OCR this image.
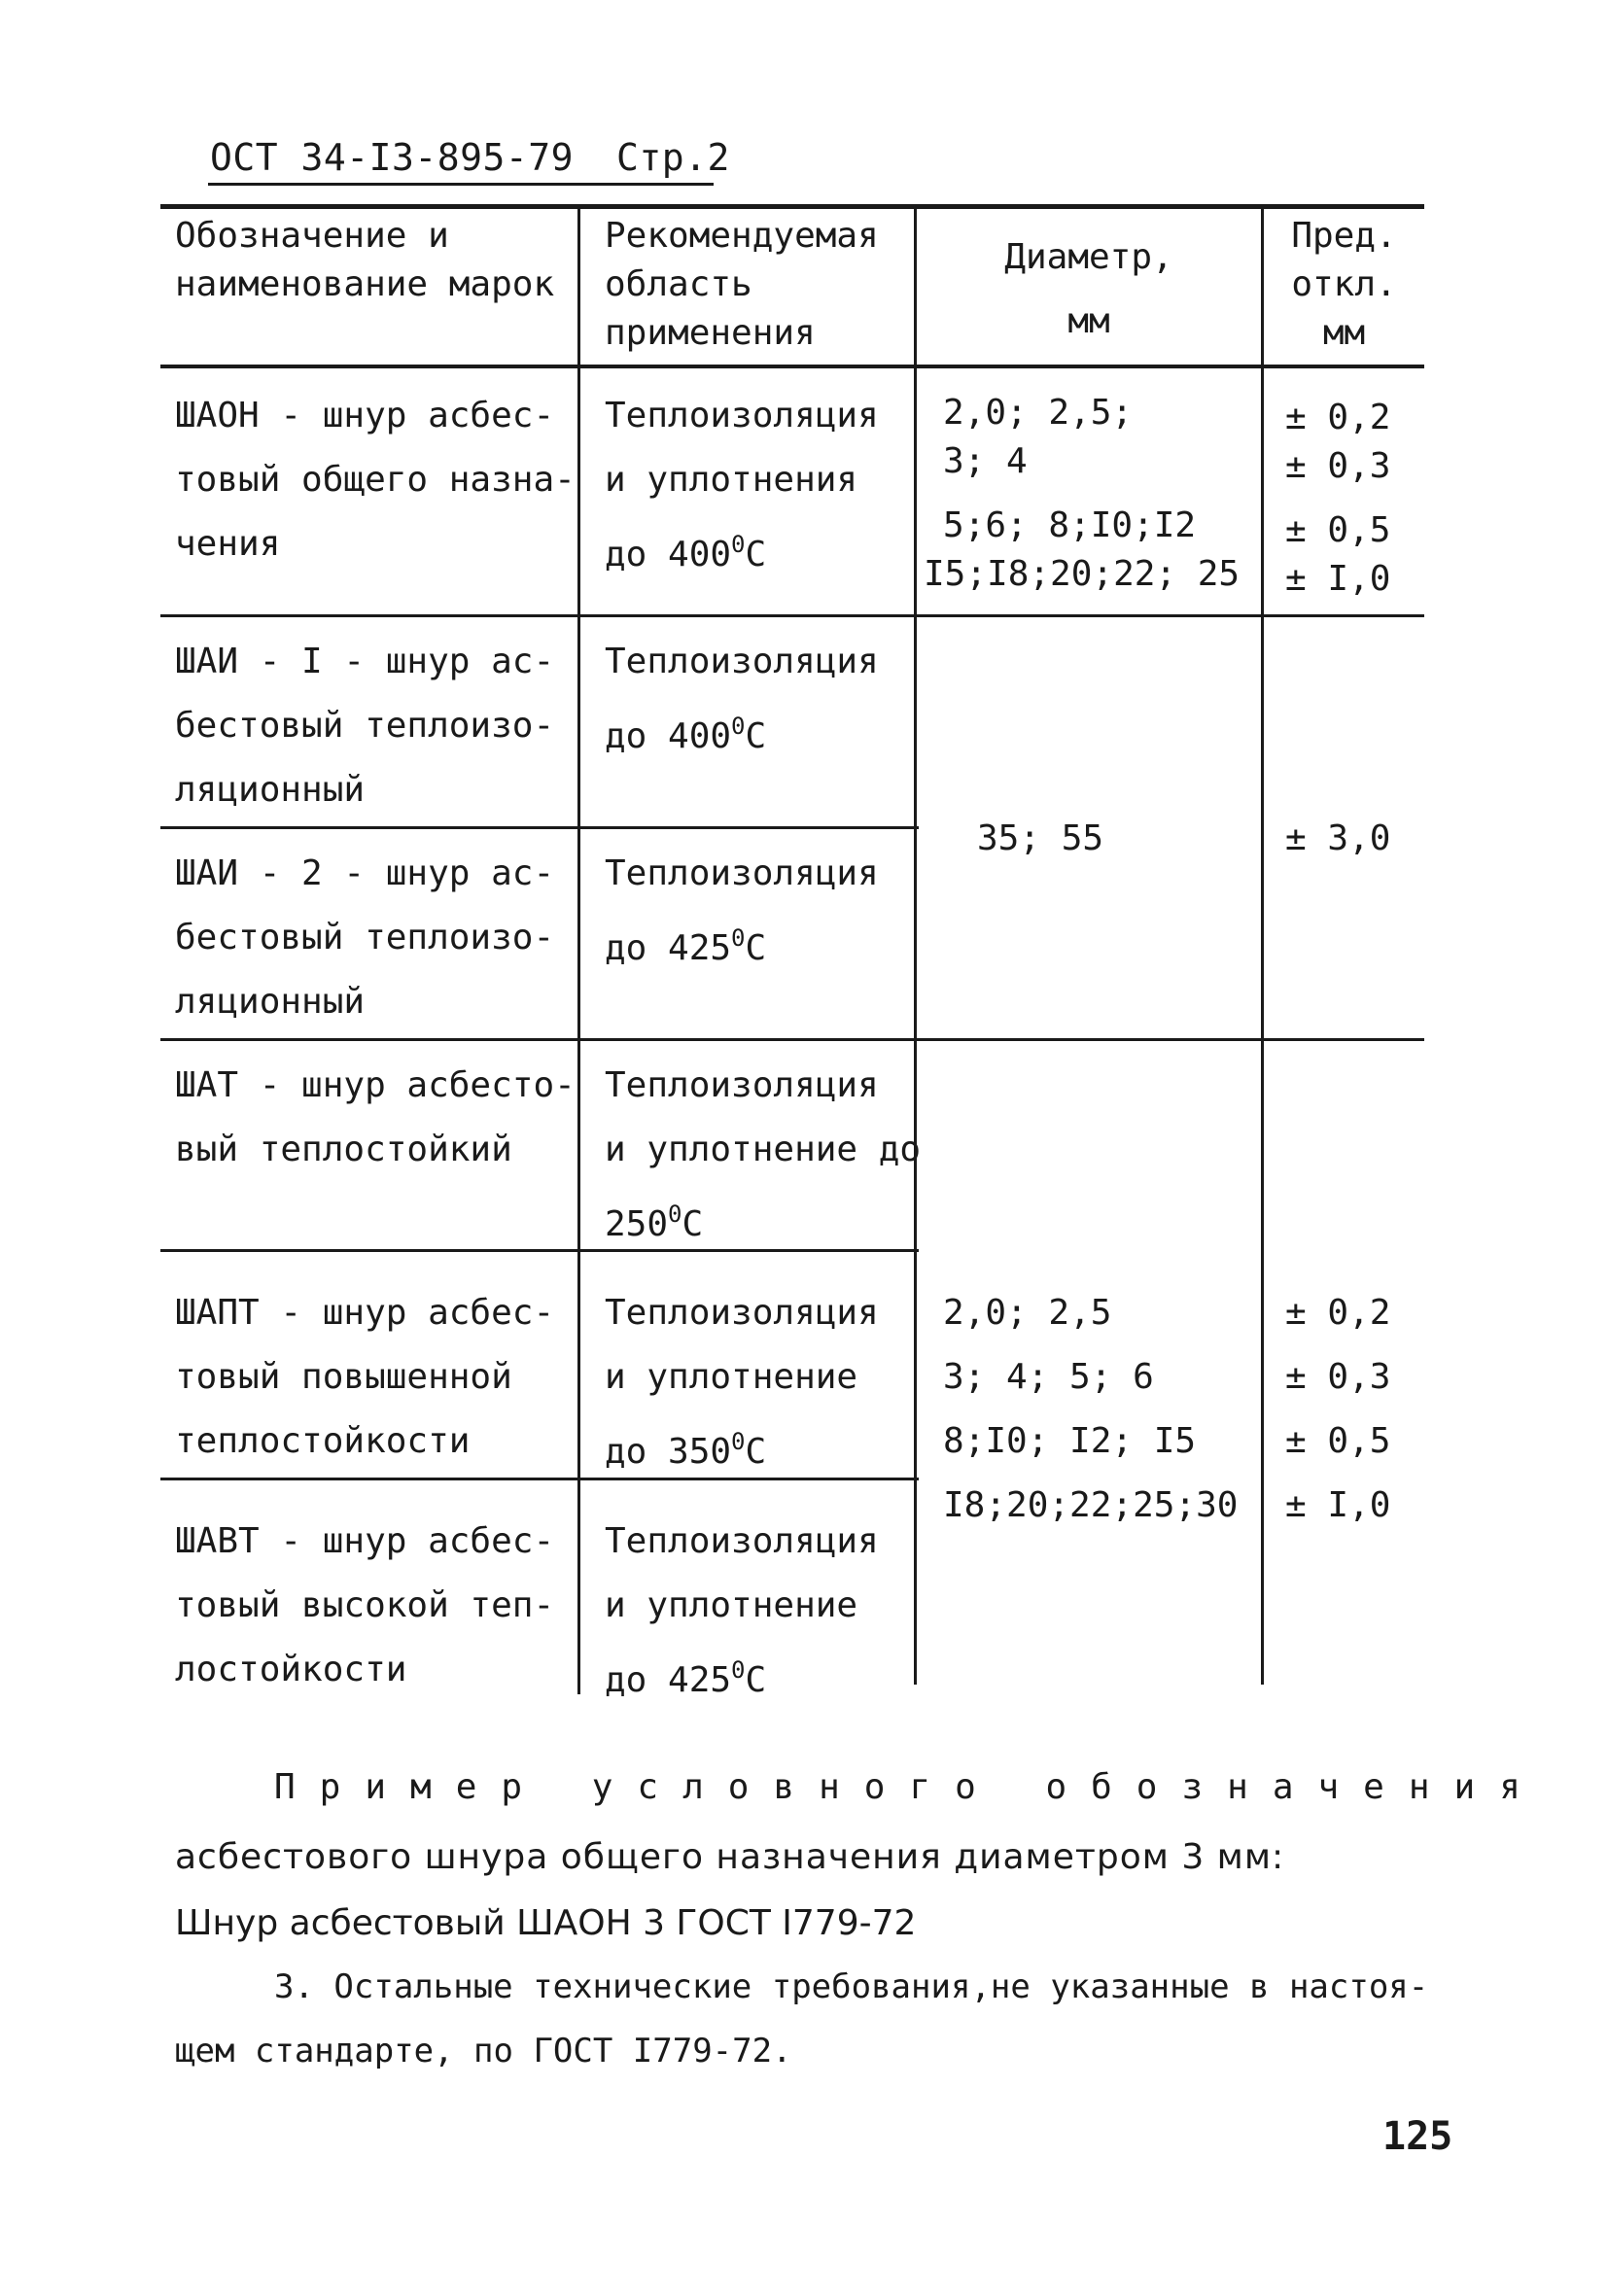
ОСТ 34-I3-895-79 Стр.2
Обозначение и
наименование марок
Рекомендуемая
область
применения
Диаметр,
мм
Пред.
откл.
мм
ШАОН - шнур асбес-
товый общего назна-
чения
Теплоизоляция
и уплотнения
до $400^0С$
2,0; 2,5;
3; 4
5;6; 8;I0;I2
I5;I8;20;22; 25
± 0,2
± 0,3
± 0,5
± I,0
ШАИ - I - шнур ас-
бестовый теплоизо-
ляционный
Теплоизоляция
до $400^0С$
ШАИ - 2 - шнур ас-
бестовый теплоизо-
ляционный
Теплоизоляция
до $425^0С$
35; 55	± 3,0
ШАТ - шнур асбесто-
вый теплостойкий
Теплоизоляция
и уплотнение до
$250^0С$
ШАПТ - шнур асбес-
товый повышенной
теплостойкости
Теплоизоляция
и уплотнение
до $350^0С$
2,0; 2,5
3; 4; 5; 6
8;I0; I2; I5
I8;20;22;25;30
± 0,2
± 0,3
± 0,5
± I,0
ШАВТ - шнур асбес-
товый высокой теп-
лостойкости
Теплоизоляция
и уплотнение
до $425^0С$
Пример условного обозначения
асбестового шнура общего назначения диаметром 3 мм:
Шнур асбестовый ШАОН 3 ГОСТ I779-72
3. Остальные технические требования,не указанные в настоя-
щем стандарте, по ГОСТ I779-72.
125
